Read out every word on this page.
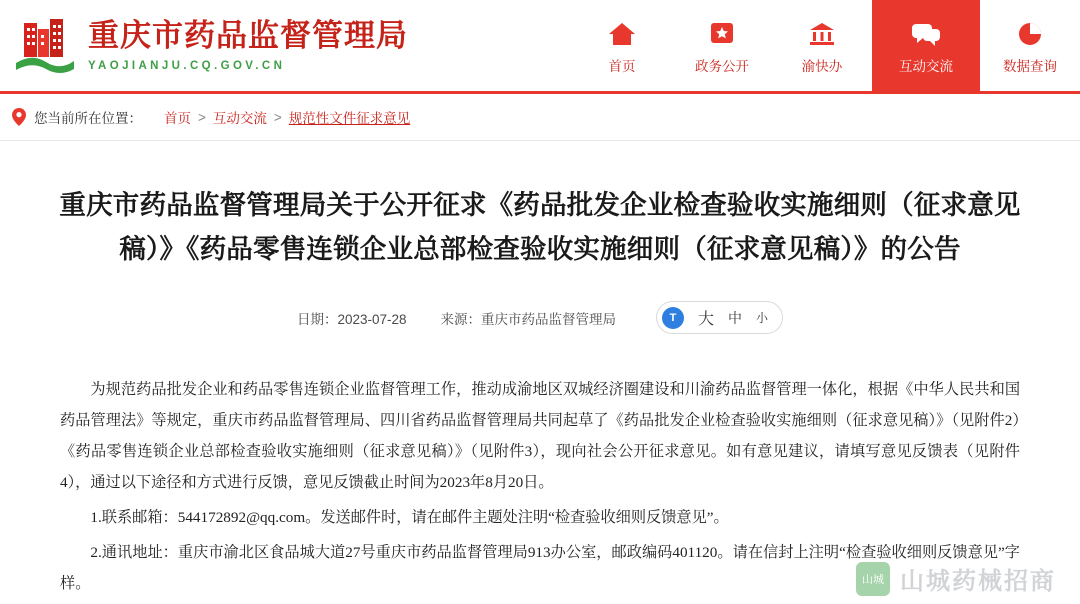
重庆市药品监督管理局
YAOJIANJU.CQ.GOV.CN	首页	政务公开	渝快办	互动交流	数据查询
您当前所在位置： 首页 > 互动交流 > 规范性文件征求意见
重庆市药品监督管理局关于公开征求《药品批发企业检查验收实施细则（征求意见稿）》《药品零售连锁企业总部检查验收实施细则（征求意见稿）》的公告
日期：2023-07-28	来源：重庆市药品监督管理局	T	大 中 小

为规范药品批发企业和药品零售连锁企业监督管理工作，推动成渝地区双城经济圈建设和川渝药品监督管理一体化，根据《中华人民共和国药品管理法》等规定，重庆市药品监督管理局、四川省药品监督管理局共同起草了《药品批发企业检查验收实施细则（征求意见稿）》（见附件2）《药品零售连锁企业总部检查验收实施细则（征求意见稿）》（见附件3），现向社会公开征求意见。如有意见建议，请填写意见反馈表（见附件4），通过以下途径和方式进行反馈，意见反馈截止时间为2023年8月20日。

1.联系邮箱：544172892@qq.com。发送邮件时，请在邮件主题处注明“检查验收细则反馈意见”。

2.通讯地址：重庆市渝北区食品城大道27号重庆市药品监督管理局913办公室，邮政编码401120。请在信封上注明“检查验收细则反馈意见”字样。	山城 山城药械招商
